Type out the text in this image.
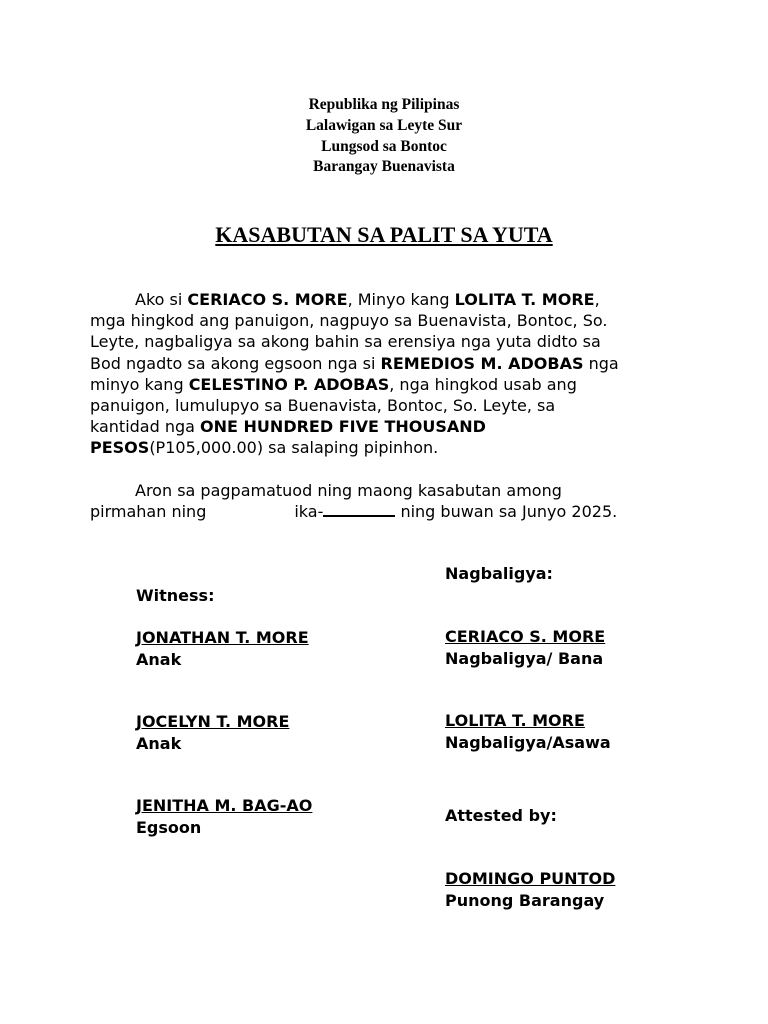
Republika ng Pilipinas
Lalawigan sa Leyte Sur
Lungsod sa Bontoc
Barangay Buenavista
KASABUTAN SA PALIT SA YUTA
Ako si CERIACO S. MORE, Minyo kang LOLITA T. MORE,
mga hingkod ang panuigon, nagpuyo sa Buenavista, Bontoc, So.
Leyte, nagbaligya sa akong bahin sa erensiya nga yuta didto sa
Bod ngadto sa akong egsoon nga si REMEDIOS M. ADOBAS nga
minyo kang CELESTINO P. ADOBAS, nga hingkod usab ang
panuigon, lumulupyo sa Buenavista, Bontoc, So. Leyte, sa
kantidad nga ONE HUNDRED FIVE THOUSAND
PESOS(P105,000.00) sa salaping pipinhon.
Aron sa pagpamatuod ning maong kasabutan among
pirmahan ning	ika-	ning buwan sa Junyo 2025.
Nagbaligya:
Witness:
JONATHAN T. MORE
Anak
CERIACO S. MORE
Nagbaligya/ Bana
JOCELYN T. MORE
Anak
LOLITA T. MORE
Nagbaligya/Asawa
JENITHA M. BAG-AO
Egsoon
Attested by:
DOMINGO PUNTOD
Punong Barangay
